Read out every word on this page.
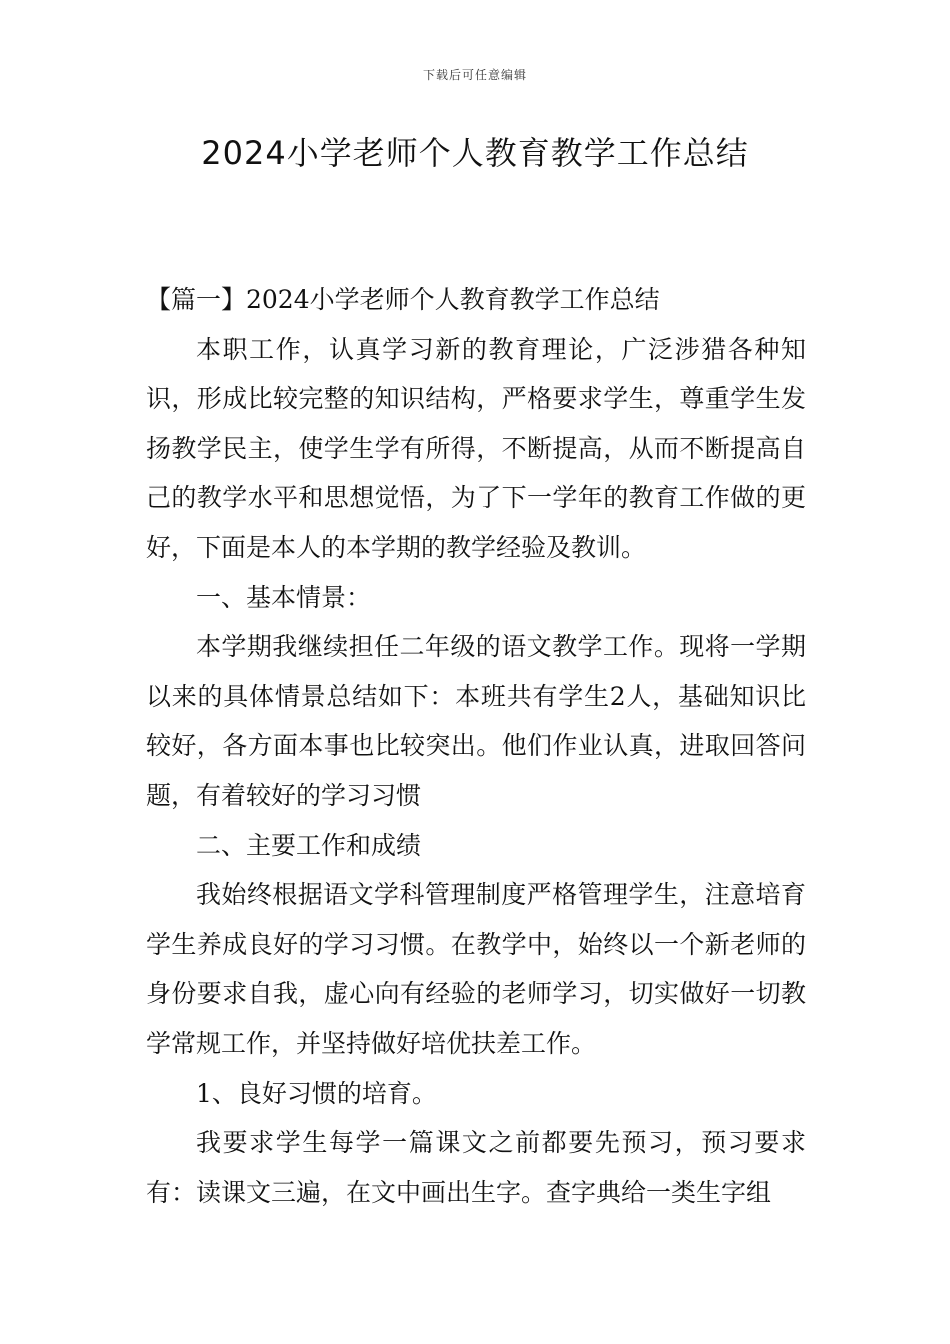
下载后可任意编辑
2024小学老师个人教育教学工作总结

【篇一】2024小学老师个人教育教学工作总结

本职工作，认真学习新的教育理论，广泛涉猎各种知识，形成比较完整的知识结构，严格要求学生，尊重学生发扬教学民主，使学生学有所得，不断提高，从而不断提高自己的教学水平和思想觉悟，为了下一学年的教育工作做的更好，下面是本人的本学期的教学经验及教训。

一、基本情景：

本学期我继续担任二年级的语文教学工作。现将一学期以来的具体情景总结如下：本班共有学生2人，基础知识比较好，各方面本事也比较突出。他们作业认真，进取回答问题，有着较好的学习习惯

二、主要工作和成绩

我始终根据语文学科管理制度严格管理学生，注意培育学生养成良好的学习习惯。在教学中，始终以一个新老师的身份要求自我，虚心向有经验的老师学习，切实做好一切教学常规工作，并坚持做好培优扶差工作。

1、良好习惯的培育。

我要求学生每学一篇课文之前都要先预习，预习要求有：读课文三遍，在文中画出生字。查字典给一类生字组
